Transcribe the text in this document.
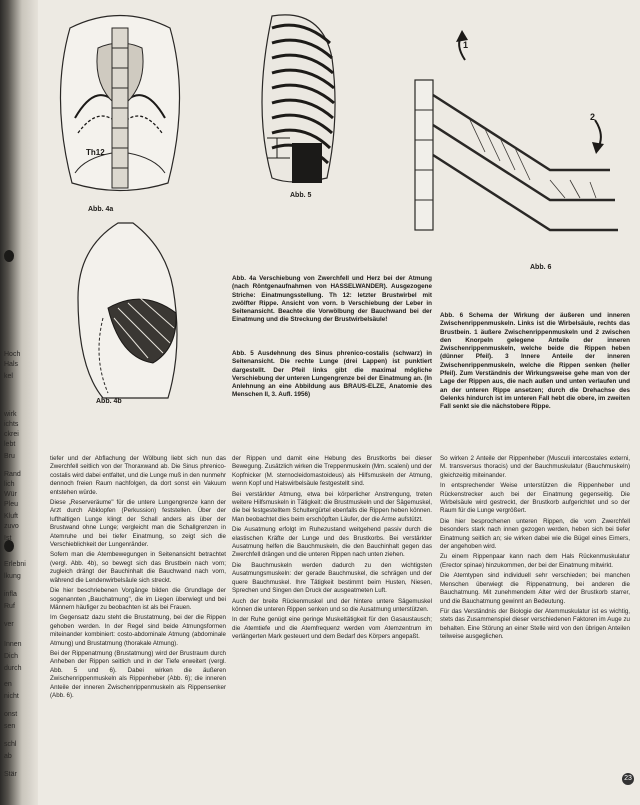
Hoch
Hals
kel
wirk
ichts
ckrei
lebt
Bru
Rand
lich
Wür
Pleu
Kluft
zuvo
Ist
Erlebni
lkung
infla
Ruf
ver
Innen
Dich
durch
en
nicht
onst
sen
schl
ab
Stär
Th12
Abb. 4a
Abb. 4b
Abb. 5
1
2
Abb. 6
Abb. 4a Verschiebung von Zwerchfell und Herz bei der Atmung (nach Röntgenaufnahmen von HASSELWANDER). Ausgezogene Striche: Einatmungsstellung. Th 12: letzter Brustwirbel mit zwölfter Rippe. Ansicht von vorn. b Verschiebung der Leber in Seitenansicht. Beachte die Vorwölbung der Bauchwand bei der Einatmung und die Streckung der Brustwirbelsäule!
Abb. 5 Ausdehnung des Sinus phrenico-costalis (schwarz) in Seitenansicht. Die rechte Lunge (drei Lappen) ist punktiert dargestellt. Der Pfeil links gibt die maximal mögliche Verschiebung der unteren Lungengrenze bei der Einatmung an. (In Anlehnung an eine Abbildung aus BRAUS-ELZE, Anatomie des Menschen II, 3. Aufl. 1956)
Abb. 6 Schema der Wirkung der äußeren und inneren Zwischenrippenmuskeln. Links ist die Wirbelsäule, rechts das Brustbein. 1 äußere Zwischenrippenmuskeln und 2 zwischen den Knorpeln gelegene Anteile der inneren Zwischenrippenmuskeln, welche beide die Rippen heben (dünner Pfeil). 3 Innere Anteile der inneren Zwischenrippenmuskeln, welche die Rippen senken (heller Pfeil). Zum Verständnis der Wirkungsweise gehe man von der Lage der Rippen aus, die nach außen und unten verlaufen und an der unteren Rippe ansetzen; durch die Drehachse des Gelenks hindurch ist im unteren Fall hebt die obere, im zweiten Fall senkt sie die nächstobere Rippe.

tiefer und der Abflachung der Wölbung liebt sich nun das Zwerchfell seitlich von der Thoraxwand ab. Die Sinus phrenico-costalis wird dabei entfaltet, und die Lunge muß in den nunmehr dennoch freien Raum nachfolgen, da dort sonst ein Vakuum entstehen würde.

Diese „Reserveräume" für die untere Lungengrenze kann der Arzt durch Abklopfen (Perkussion) feststellen. Über der lufthaltigen Lunge klingt der Schall anders als über der Brustwand ohne Lunge; vergleicht man die Schallgrenzen in Atemruhe und bei tiefer Einatmung, so zeigt sich die Verschieblichkeit der Lungenränder.

Sofern man die Atembewegungen in Seitenansicht betrachtet (vergl. Abb. 4b), so bewegt sich das Brustbein nach vorn; zugleich drängt der Bauchinhalt die Bauchwand nach vorn, während die Lendenwirbelsäule sich streckt.

Die hier beschriebenen Vorgänge bilden die Grundlage der sogenannten „Bauchatmung", die im Liegen überwiegt und bei Männern häufiger zu beobachten ist als bei Frauen.

Im Gegensatz dazu steht die Brustatmung, bei der die Rippen gehoben werden. In der Regel sind beide Atmungsformen miteinander kombiniert: costo-abdominale Atmung (abdominale Atmung) und Brustatmung (thorakale Atmung).

Bei der Rippenatmung (Brustatmung) wird der Brustraum durch Anheben der Rippen seitlich und in der Tiefe erweitert (vergl. Abb. 5 und 6). Dabei wirken die äußeren Zwischenrippenmuskeln als Rippenheber (Abb. 6); die inneren Anteile der inneren Zwischenrippenmuskeln als Rippensenker (Abb. 6).

der Rippen und damit eine Hebung des Brustkorbs bei dieser Bewegung. Zusätzlich wirken die Treppenmuskeln (Mm. scaleni) und der Kopfnicker (M. sternocleidomastoideus) als Hilfsmuskeln der Atmung, wenn Kopf und Halswirbelsäule festgestellt sind.

Bei verstärkter Atmung, etwa bei körperlicher Anstrengung, treten weitere Hilfsmuskeln in Tätigkeit: die Brustmuskeln und der Sägemuskel, die bei festgestelltem Schultergürtel ebenfalls die Rippen heben können. Man beobachtet dies beim erschöpften Läufer, der die Arme aufstützt.

Die Ausatmung erfolgt im Ruhezustand weitgehend passiv durch die elastischen Kräfte der Lunge und des Brustkorbs. Bei verstärkter Ausatmung helfen die Bauchmuskeln, die den Bauchinhalt gegen das Zwerchfell drängen und die unteren Rippen nach unten ziehen.

Die Bauchmuskeln werden dadurch zu den wichtigsten Ausatmungsmuskeln: der gerade Bauchmuskel, die schrägen und der quere Bauchmuskel. Ihre Tätigkeit bestimmt beim Husten, Niesen, Sprechen und Singen den Druck der ausgeatmeten Luft.

Auch der breite Rückenmuskel und der hintere untere Sägemuskel können die unteren Rippen senken und so die Ausatmung unterstützen.

In der Ruhe genügt eine geringe Muskeltätigkeit für den Gasaustausch; die Atemtiefe und die Atemfrequenz werden vom Atemzentrum im verlängerten Mark gesteuert und dem Bedarf des Körpers angepaßt.

So wirken 2 Anteile der Rippenheber (Musculi intercostales externi, M. transversus thoracis) und der Bauchmuskulatur (Bauchmuskeln) gleichzeitig miteinander.

In entsprechender Weise unterstützen die Rippenheber und Rückenstrecker auch bei der Einatmung gegenseitig. Die Wirbelsäule wird gestreckt, der Brustkorb aufgerichtet und so der Raum für die Lunge vergrößert.

Die hier besprochenen unteren Rippen, die vom Zwerchfell besonders stark nach innen gezogen werden, heben sich bei tiefer Einatmung seitlich an; sie wirken dabei wie die Bügel eines Eimers, der angehoben wird.

Zu einem Rippenpaar kann nach dem Hals Rückenmuskulatur (Erector spinae) hinzukommen, der bei der Einatmung mitwirkt.

Die Atemtypen sind individuell sehr verschieden; bei manchen Menschen überwiegt die Rippenatmung, bei anderen die Bauchatmung. Mit zunehmendem Alter wird der Brustkorb starrer, und die Bauchatmung gewinnt an Bedeutung.

Für das Verständnis der Biologie der Atemmuskulatur ist es wichtig, stets das Zusammenspiel dieser verschiedenen Faktoren im Auge zu behalten. Eine Störung an einer Stelle wird von den übrigen Anteilen teilweise ausgeglichen.

23
